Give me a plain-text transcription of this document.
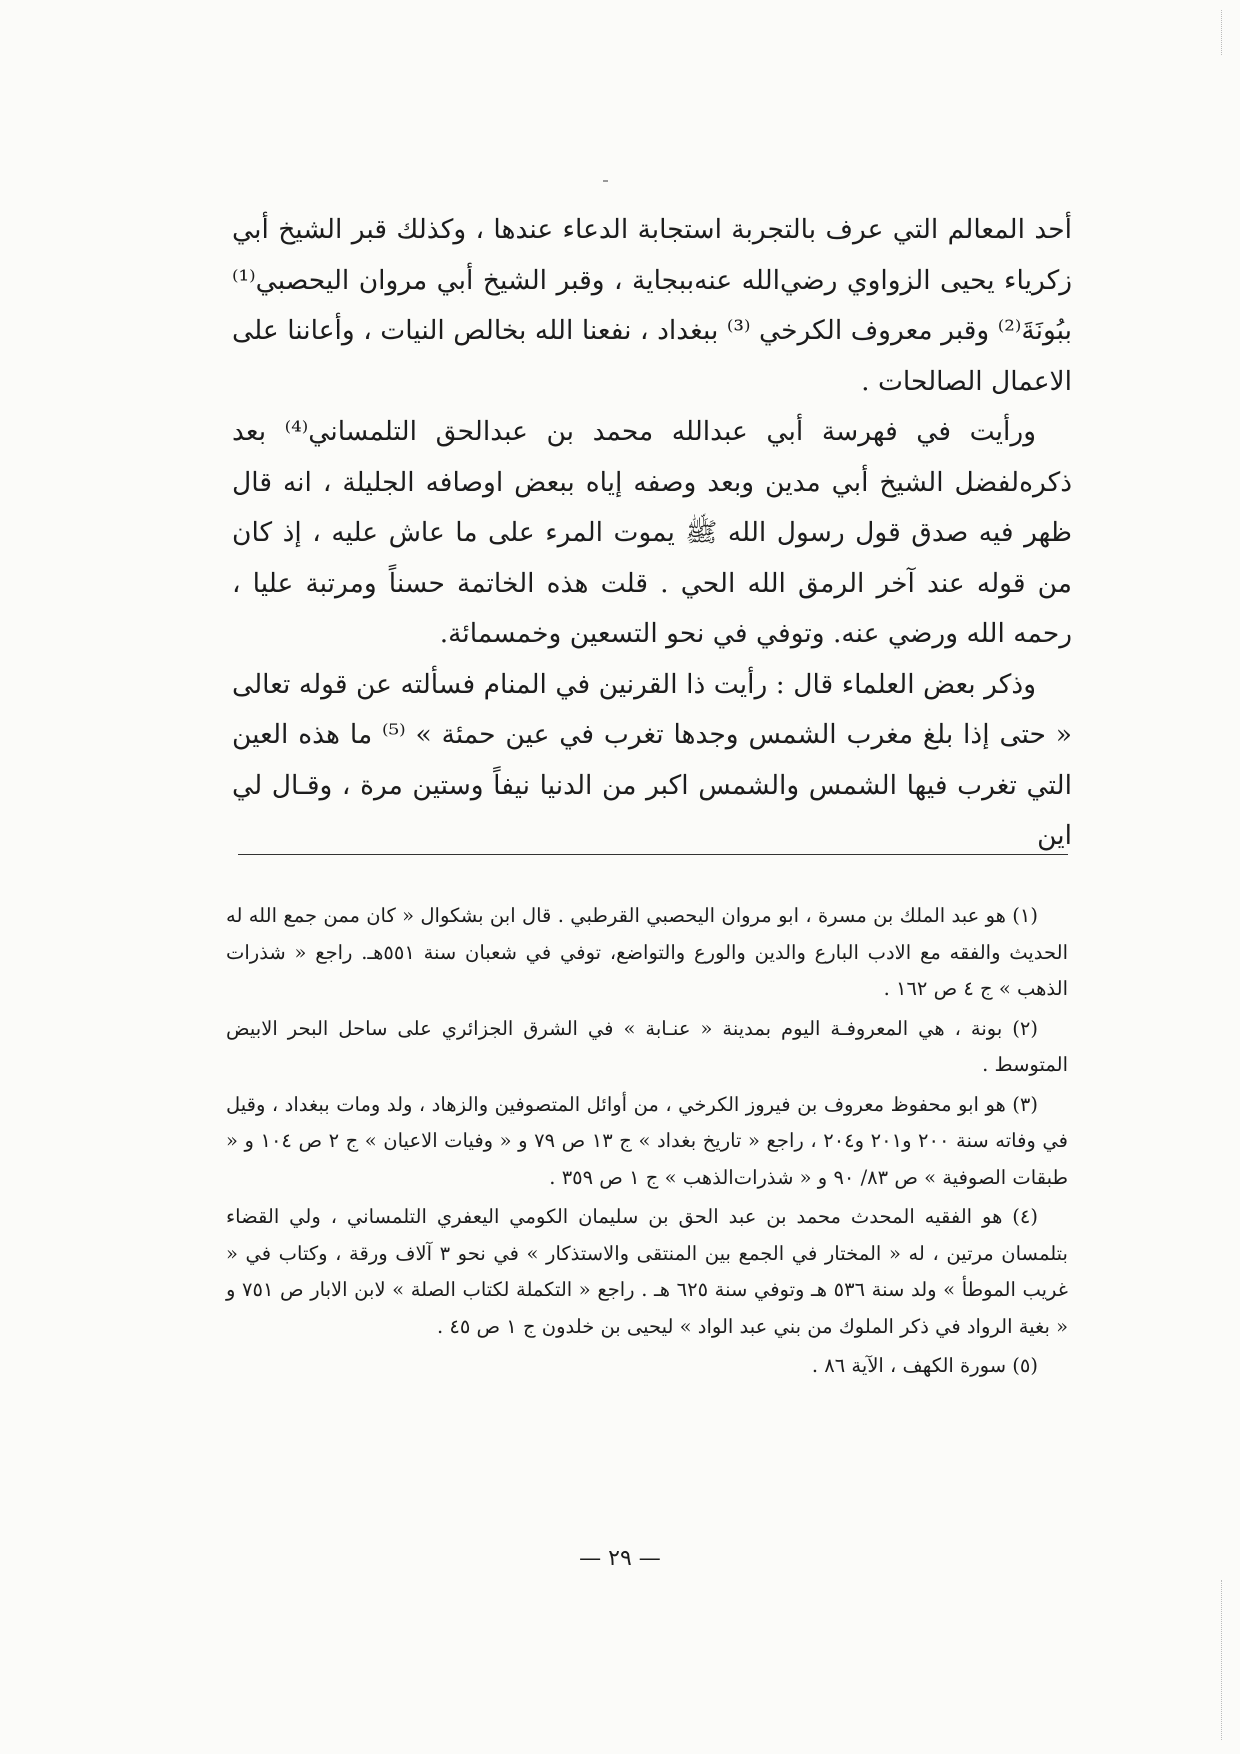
أحد المعالم التي عرف بالتجربة استجابة الدعاء عندها ، وكذلك قبر الشيخ أبي زكرياء يحيى الزواوي رضي‌الله عنه‌ببجاية ، وقبر الشيخ أبي مروان اليحصبي⁽¹⁾ ببُونَةَ⁽²⁾ وقبر معروف الكرخي ⁽³⁾ ببغداد ، نفعنا الله بخالص النيات ، وأعاننا على الاعمال الصالحات .

ورأيت في فهرسة أبي عبدالله محمد بن عبدالحق التلمساني⁽⁴⁾ بعد ذكره‌لفضل الشيخ أبي مدين وبعد وصفه إياه ببعض اوصافه الجليلة ، انه قال ظهر فيه صدق قول رسول الله ﷺ يموت المرء على ما عاش عليه ، إذ كان من قوله عند آخر الرمق الله الحي . قلت هذه الخاتمة حسناً ومرتبة عليا ، رحمه الله ورضي عنه. وتوفي في نحو التسعين وخمسمائة.

وذكر بعض العلماء قال : رأيت ذا القرنين في المنام فسألته عن قوله تعالى « حتى إذا بلغ مغرب الشمس وجدها تغرب في عين حمئة » ⁽⁵⁾ ما هذه العين التي تغرب فيها الشمس والشمس اكبر من الدنيا نيفاً وستين مرة ، وقـال لي اين

(١) هو عبد الملك بن مسرة ، ابو مروان اليحصبي القرطبي . قال ابن بشكوال « كان ممن جمع الله له الحديث والفقه مع الادب البارع والدين والورع والتواضع، توفي في شعبان سنة ٥٥١هـ. راجع « شذرات الذهب » ج ٤ ص ١٦٢ .

(٢) بونة ، هي المعروفـة اليوم بمدينة « عنـابة » في الشرق الجزائري على ساحل البحر الابيض المتوسط .

(٣) هو ابو محفوظ معروف بن فيروز الكرخي ، من أوائل المتصوفين والزهاد ، ولد ومات ببغداد ، وقيل في وفاته سنة ٢٠٠ و٢٠١ و٢٠٤ ، راجع « تاريخ بغداد » ج ١٣ ص ٧٩ و « وفيات الاعيان » ج ٢ ص ١٠٤ و « طبقات الصوفية » ص ٨٣/ ٩٠ و « شذرات‌الذهب » ج ١ ص ٣٥٩ .

(٤) هو الفقيه المحدث محمد بن عبد الحق بن سليمان الكومي اليعفري التلمساني ، ولي القضاء بتلمسان مرتين ، له « المختار في الجمع بين المنتقى والاستذكار » في نحو ٣ آلاف ورقة ، وكتاب في « غريب الموطأ » ولد سنة ٥٣٦ هـ وتوفي سنة ٦٢٥ هـ . راجع « التكملة لكتاب الصلة » لابن الابار ص ٧٥١ و « بغية الرواد في ذكر الملوك من بني عبد الواد » ليحيى بن خلدون ج ١ ص ٤٥ .

(٥) سورة الكهف ، الآية ٨٦ .

— ٢٩ —
